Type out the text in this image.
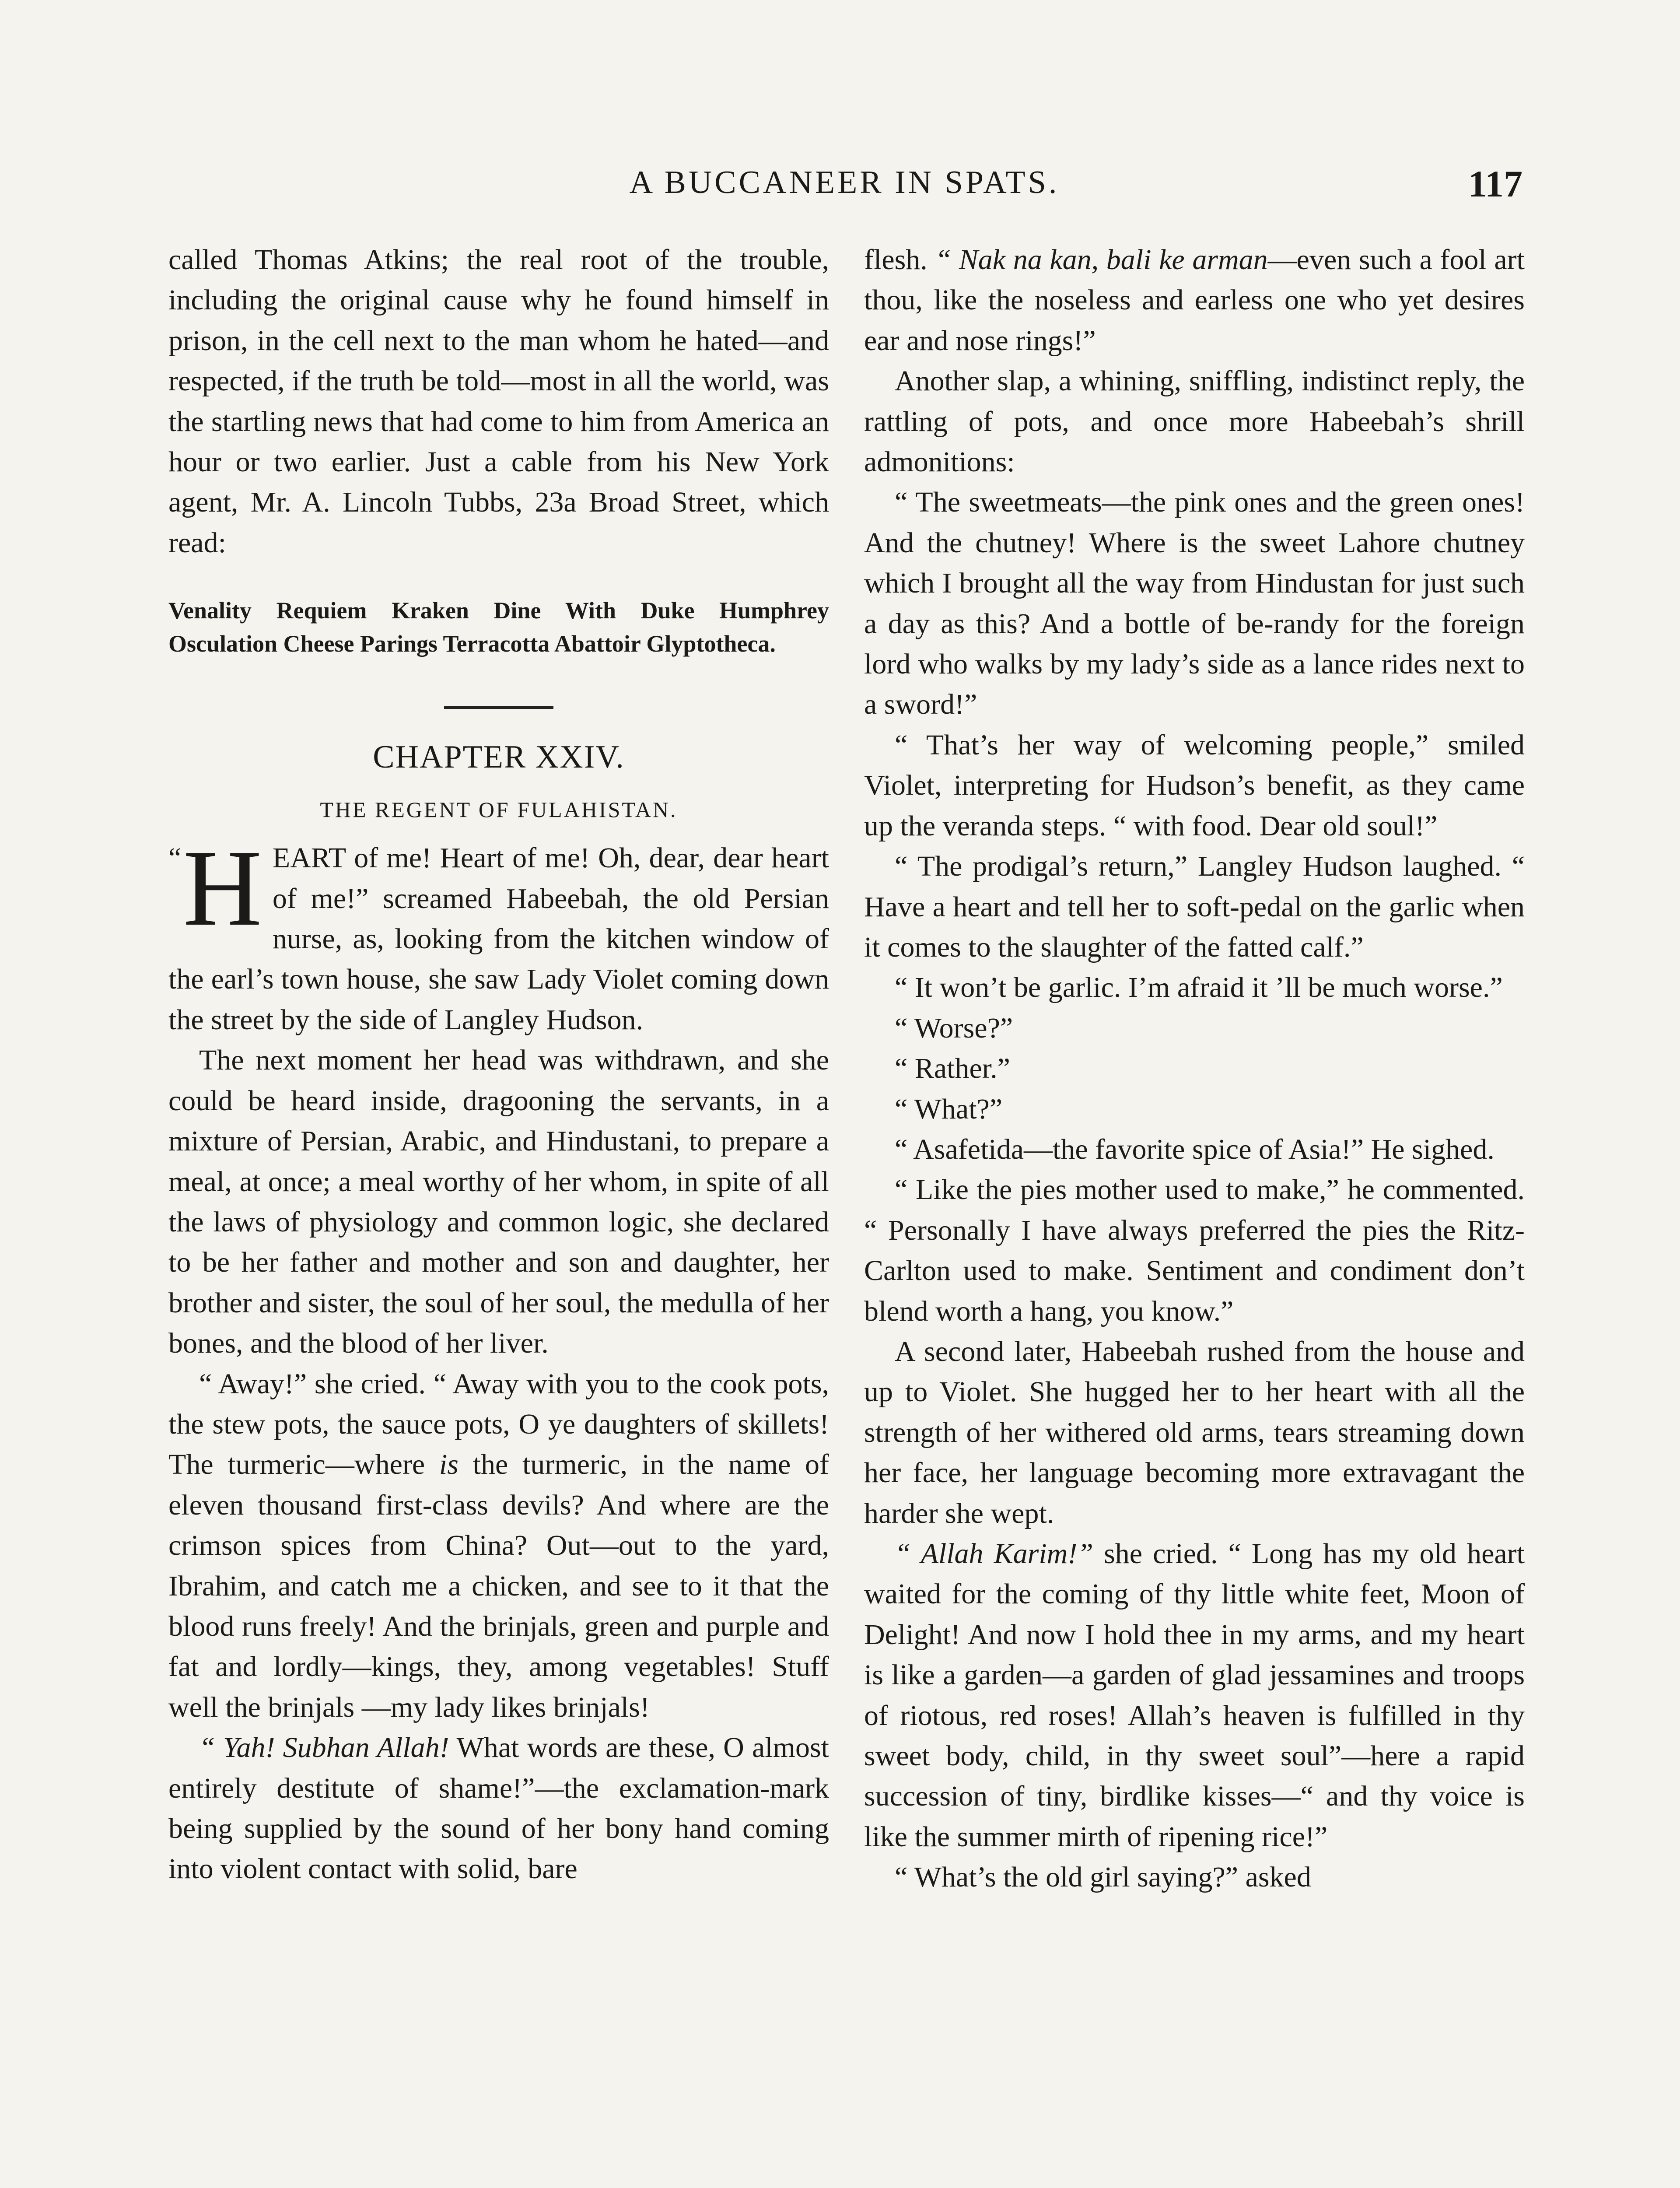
A BUCCANEER IN SPATS.	117

called Thomas Atkins; the real root of the trouble, including the original cause why he found himself in prison, in the cell next to the man whom he hated—and respected, if the truth be told—most in all the world, was the startling news that had come to him from America an hour or two earlier. Just a cable from his New York agent, Mr. A. Lincoln Tubbs, 23a Broad Street, which read:

Venality Requiem Kraken Dine With Duke Humphrey Osculation Cheese Parings Terracotta Abattoir Glyptotheca.

CHAPTER XXIV.
THE REGENT OF FULAHISTAN.

“ H EART of me! Heart of me! Oh, dear, dear heart of me!” screamed Habeebah, the old Persian nurse, as, looking from the kitchen window of the earl’s town house, she saw Lady Violet coming down the street by the side of Langley Hudson.

The next moment her head was withdrawn, and she could be heard inside, dragooning the servants, in a mixture of Persian, Arabic, and Hindustani, to prepare a meal, at once; a meal worthy of her whom, in spite of all the laws of physiology and common logic, she declared to be her father and mother and son and daughter, her brother and sister, the soul of her soul, the medulla of her bones, and the blood of her liver.

“ Away!” she cried. “ Away with you to the cook pots, the stew pots, the sauce pots, O ye daughters of skillets! The turmeric—where is the turmeric, in the name of eleven thousand first-class devils? And where are the crimson spices from China? Out—out to the yard, Ibrahim, and catch me a chicken, and see to it that the blood runs freely! And the brinjals, green and purple and fat and lordly—kings, they, among vegetables! Stuff well the brinjals —my lady likes brinjals!

“ Yah! Subhan Allah! What words are these, O almost entirely destitute of shame!”—the exclamation-mark being supplied by the sound of her bony hand coming into violent contact with solid, bare

flesh. “ Nak na kan, bali ke arman—even such a fool art thou, like the noseless and earless one who yet desires ear and nose rings!”

Another slap, a whining, sniffling, indistinct reply, the rattling of pots, and once more Habeebah’s shrill admonitions:

“ The sweetmeats—the pink ones and the green ones! And the chutney! Where is the sweet Lahore chutney which I brought all the way from Hindustan for just such a day as this? And a bottle of be-randy for the foreign lord who walks by my lady’s side as a lance rides next to a sword!”

“ That’s her way of welcoming people,” smiled Violet, interpreting for Hudson’s benefit, as they came up the veranda steps. “ with food. Dear old soul!”

“ The prodigal’s return,” Langley Hudson laughed. “ Have a heart and tell her to soft-pedal on the garlic when it comes to the slaughter of the fatted calf.”

“ It won’t be garlic. I’m afraid it ’ll be much worse.”

“ Worse?”

“ Rather.”

“ What?”

“ Asafetida—the favorite spice of Asia!” He sighed.

“ Like the pies mother used to make,” he commented. “ Personally I have always preferred the pies the Ritz-Carlton used to make. Sentiment and condiment don’t blend worth a hang, you know.”

A second later, Habeebah rushed from the house and up to Violet. She hugged her to her heart with all the strength of her withered old arms, tears streaming down her face, her language becoming more extravagant the harder she wept.

“ Allah Karim!” she cried. “ Long has my old heart waited for the coming of thy little white feet, Moon of Delight! And now I hold thee in my arms, and my heart is like a garden—a garden of glad jessamines and troops of riotous, red roses! Allah’s heaven is fulfilled in thy sweet body, child, in thy sweet soul”—here a rapid succession of tiny, birdlike kisses—“ and thy voice is like the summer mirth of ripening rice!”

“ What’s the old girl saying?” asked
